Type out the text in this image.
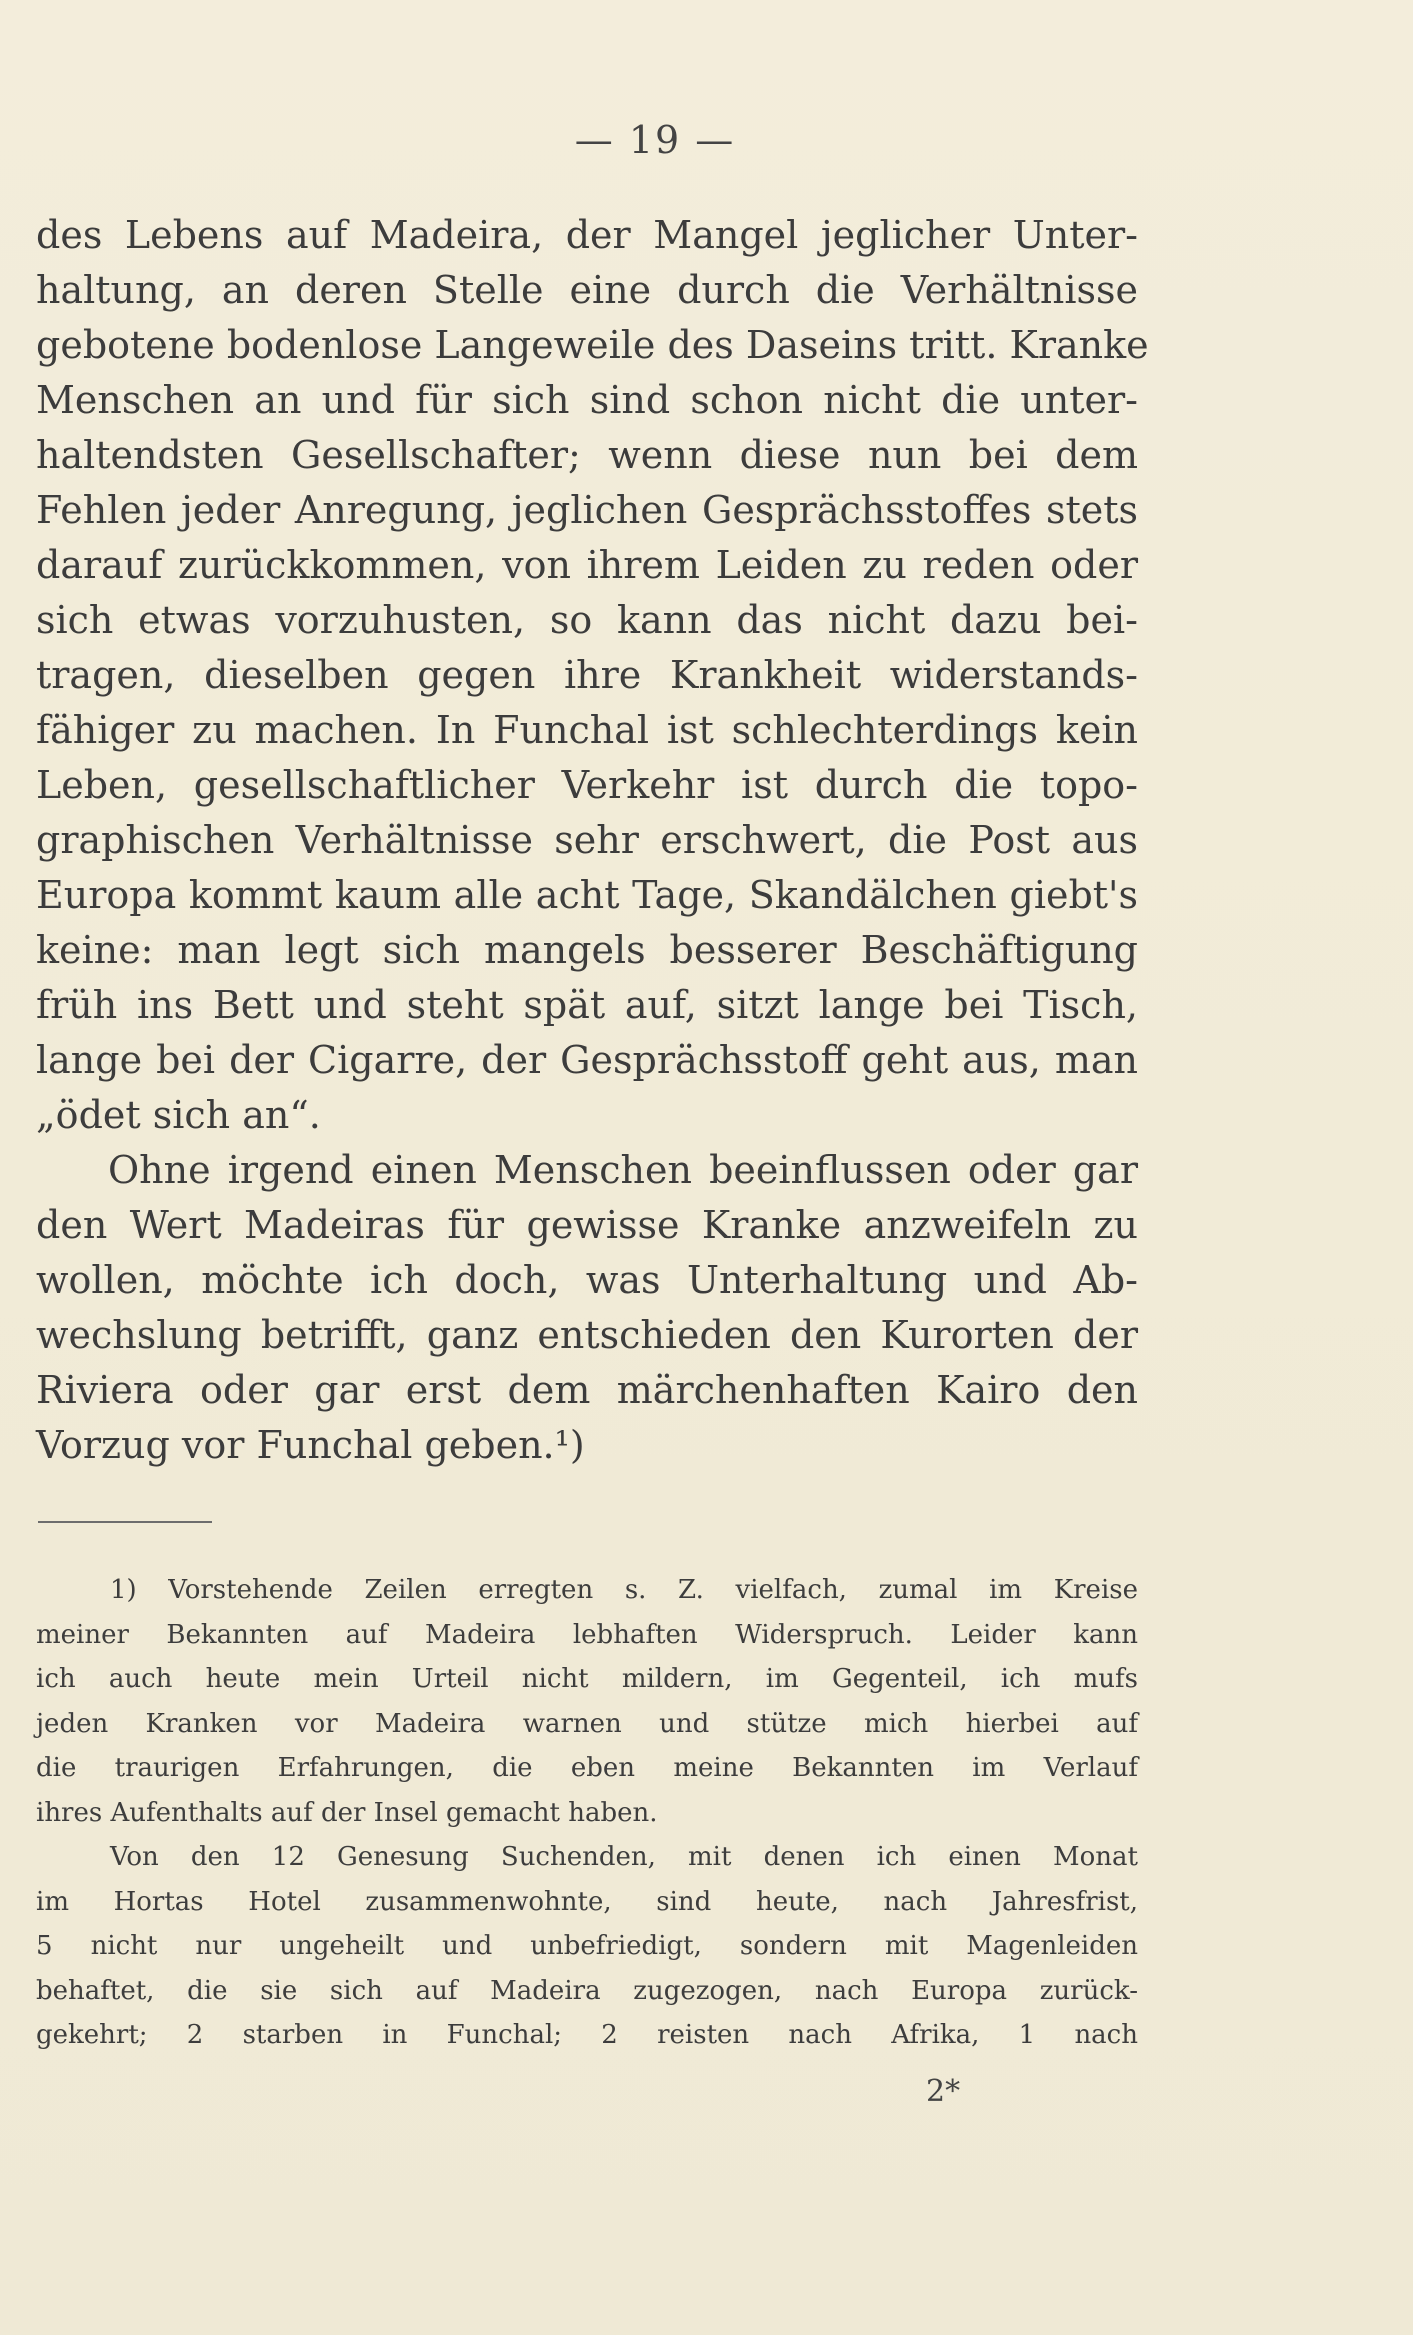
— 19 —
des Lebens auf Madeira, der Mangel jeglicher Unter-
haltung, an deren Stelle eine durch die Verhältnisse
gebotene bodenlose Langeweile des Daseins tritt. Kranke
Menschen an und für sich sind schon nicht die unter-
haltendsten Gesellschafter; wenn diese nun bei dem
Fehlen jeder Anregung, jeglichen Gesprächsstoffes stets
darauf zurückkommen, von ihrem Leiden zu reden oder
sich etwas vorzuhusten, so kann das nicht dazu bei-
tragen, dieselben gegen ihre Krankheit widerstands-
fähiger zu machen. In Funchal ist schlechterdings kein
Leben, gesellschaftlicher Verkehr ist durch die topo-
graphischen Verhältnisse sehr erschwert, die Post aus
Europa kommt kaum alle acht Tage, Skandälchen giebt's
keine: man legt sich mangels besserer Beschäftigung
früh ins Bett und steht spät auf, sitzt lange bei Tisch,
lange bei der Cigarre, der Gesprächsstoff geht aus, man
„ödet sich an“.
Ohne irgend einen Menschen beeinflussen oder gar
den Wert Madeiras für gewisse Kranke anzweifeln zu
wollen, möchte ich doch, was Unterhaltung und Ab-
wechslung betrifft, ganz entschieden den Kurorten der
Riviera oder gar erst dem märchenhaften Kairo den
Vorzug vor Funchal geben.¹)
1) Vorstehende Zeilen erregten s. Z. vielfach, zumal im Kreise
meiner Bekannten auf Madeira lebhaften Widerspruch. Leider kann
ich auch heute mein Urteil nicht mildern, im Gegenteil, ich mufs
jeden Kranken vor Madeira warnen und stütze mich hierbei auf
die traurigen Erfahrungen, die eben meine Bekannten im Verlauf
ihres Aufenthalts auf der Insel gemacht haben.
Von den 12 Genesung Suchenden, mit denen ich einen Monat
im Hortas Hotel zusammenwohnte, sind heute, nach Jahresfrist,
5 nicht nur ungeheilt und unbefriedigt, sondern mit Magenleiden
behaftet, die sie sich auf Madeira zugezogen, nach Europa zurück-
gekehrt; 2 starben in Funchal; 2 reisten nach Afrika, 1 nach
2*
